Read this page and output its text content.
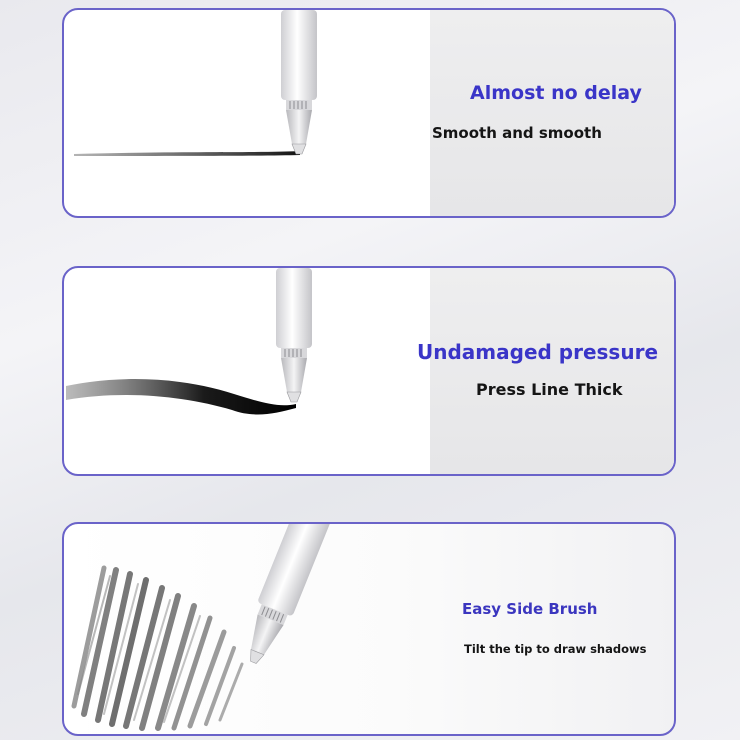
Almost no delay

Smooth and smooth

Undamaged pressure

Press Line Thick

Easy Side Brush

Tilt the tip to draw shadows
